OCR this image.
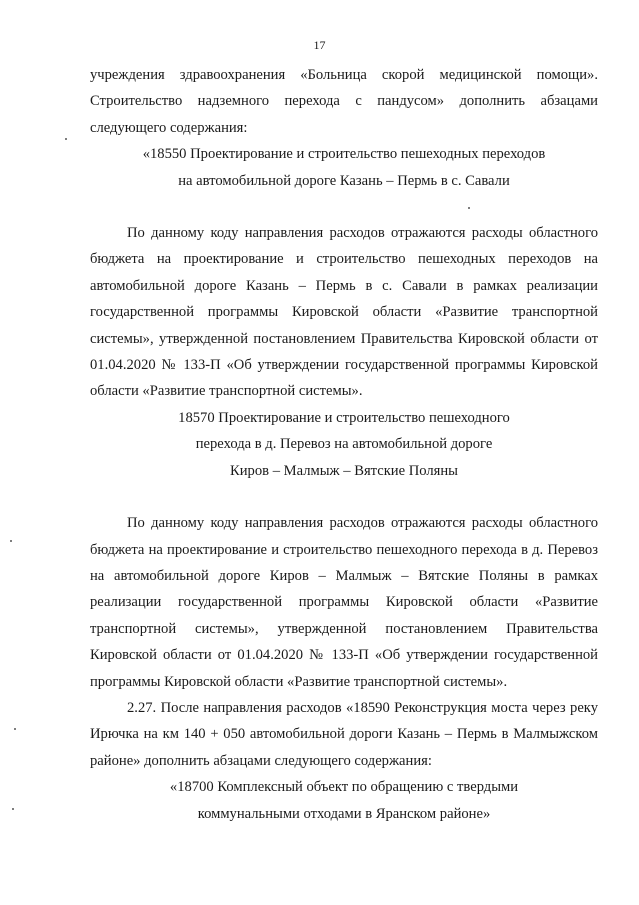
17

учреждения здравоохранения «Больница скорой медицинской помощи». Строительство надземного перехода с пандусом» дополнить абзацами следующего содержания:

«18550 Проектирование и строительство пешеходных переходов

на автомобильной дороге Казань – Пермь в с. Савали

По данному коду направления расходов отражаются расходы областного бюджета на проектирование и строительство пешеходных переходов на автомобильной дороге Казань – Пермь в с. Савали в рамках реализации государственной программы Кировской области «Развитие транспортной системы», утвержденной постановлением Правительства Кировской области от 01.04.2020 № 133-П «Об утверждении государственной программы Кировской области «Развитие транспортной системы».

18570 Проектирование и строительство пешеходного

перехода в д. Перевоз на автомобильной дороге

Киров – Малмыж – Вятские Поляны

По данному коду направления расходов отражаются расходы областного бюджета на проектирование и строительство пешеходного перехода в д. Перевоз на автомобильной дороге Киров – Малмыж – Вятские Поляны в рамках реализации государственной программы Кировской области «Развитие транспортной системы», утвержденной постановлением Правительства Кировской области от 01.04.2020 № 133-П «Об утверждении государственной программы Кировской области «Развитие транспортной системы».

2.27. После направления расходов «18590 Реконструкция моста через реку Ирючка на км 140 + 050 автомобильной дороги Казань – Пермь в Малмыжском районе» дополнить абзацами следующего содержания:

«18700 Комплексный объект по обращению с твердыми

коммунальными отходами в Яранском районе»
